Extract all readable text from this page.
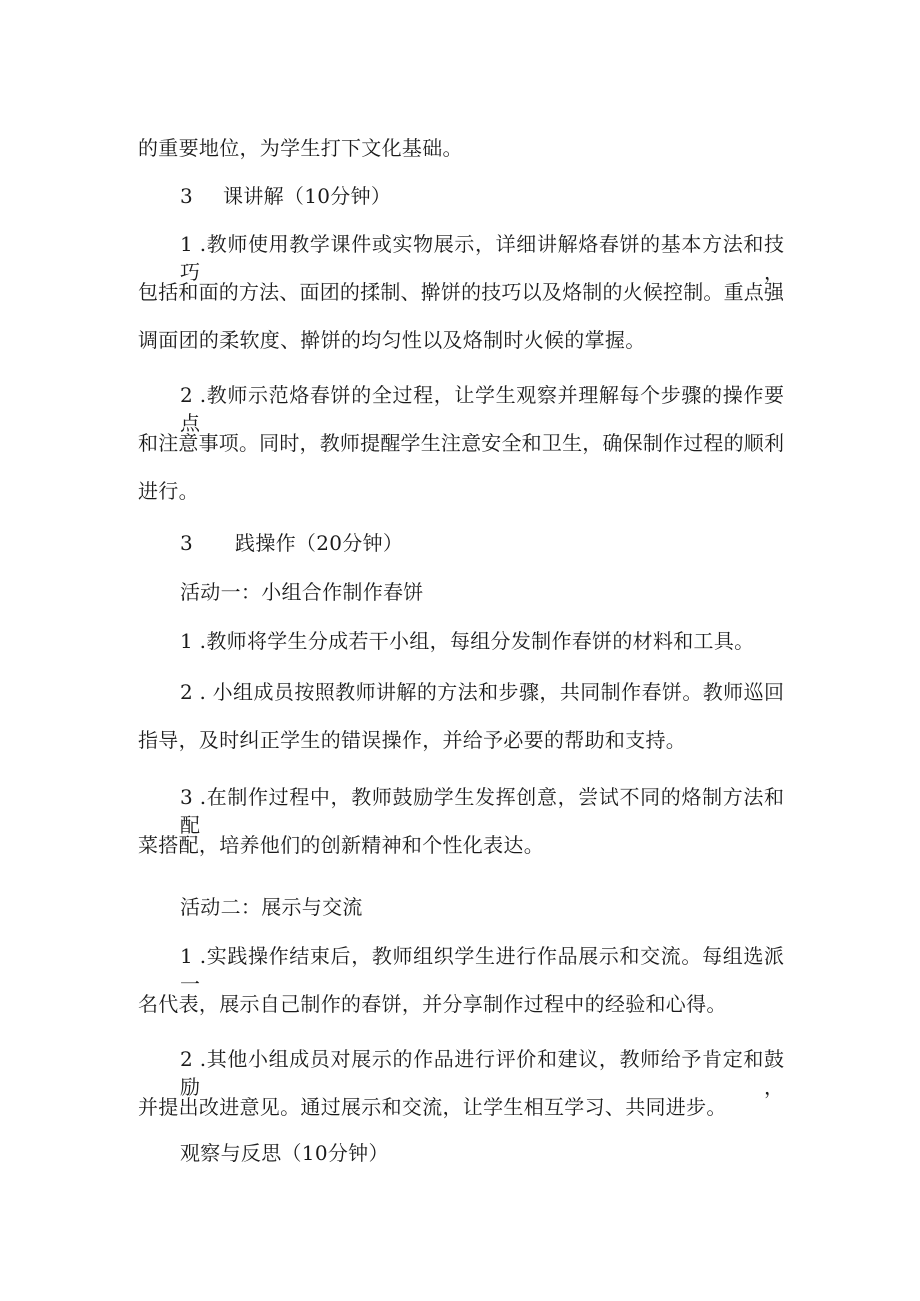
的重要地位，为学生打下文化基础。
3 课讲解（10分钟）
1 .教师使用教学课件或实物展示，详细讲解烙春饼的基本方法和技巧，
包括和面的方法、面团的揉制、擀饼的技巧以及烙制的火候控制。重点强
调面团的柔软度、擀饼的均匀性以及烙制时火候的掌握。
2 .教师示范烙春饼的全过程，让学生观察并理解每个步骤的操作要点
和注意事项。同时，教师提醒学生注意安全和卫生，确保制作过程的顺利
进行。
3 践操作（20分钟）
活动一：小组合作制作春饼
1 .教师将学生分成若干小组，每组分发制作春饼的材料和工具。
2 . 小组成员按照教师讲解的方法和步骤，共同制作春饼。教师巡回
指导，及时纠正学生的错误操作，并给予必要的帮助和支持。
3 .在制作过程中，教师鼓励学生发挥创意，尝试不同的烙制方法和配
菜搭配，培养他们的创新精神和个性化表达。
活动二：展示与交流
1 .实践操作结束后，教师组织学生进行作品展示和交流。每组选派一
名代表，展示自己制作的春饼，并分享制作过程中的经验和心得。
2 .其他小组成员对展示的作品进行评价和建议，教师给予肯定和鼓励，
并提出改进意见。通过展示和交流，让学生相互学习、共同进步。
观察与反思（10分钟）
